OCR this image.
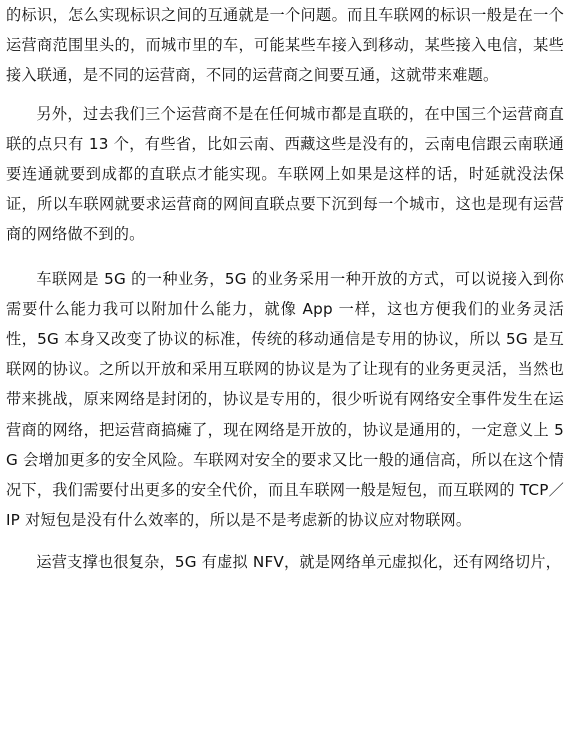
的标识，怎么实现标识之间的互通就是一个问题。而且车联网的标识一般是在一个运营商范围里头的，而城市里的车，可能某些车接入到移动，某些接入电信，某些接入联通，是不同的运营商，不同的运营商之间要互通，这就带来难题。

另外，过去我们三个运营商不是在任何城市都是直联的，在中国三个运营商直联的点只有 13 个，有些省，比如云南、西藏这些是没有的，云南电信跟云南联通要连通就要到成都的直联点才能实现。车联网上如果是这样的话，时延就没法保证，所以车联网就要求运营商的网间直联点要下沉到每一个城市，这也是现有运营商的网络做不到的。

车联网是 5G 的一种业务，5G 的业务采用一种开放的方式，可以说接入到你需要什么能力我可以附加什么能力，就像 App 一样，这也方便我们的业务灵活性，5G 本身又改变了协议的标准，传统的移动通信是专用的协议，所以 5G 是互联网的协议。之所以开放和采用互联网的协议是为了让现有的业务更灵活，当然也带来挑战，原来网络是封闭的，协议是专用的，很少听说有网络安全事件发生在运营商的网络，把运营商搞瘫了，现在网络是开放的，协议是通用的，一定意义上 5G 会增加更多的安全风险。车联网对安全的要求又比一般的通信高，所以在这个情况下，我们需要付出更多的安全代价，而且车联网一般是短包，而互联网的 TCP／IP 对短包是没有什么效率的，所以是不是考虑新的协议应对物联网。

运营支撑也很复杂，5G 有虚拟 NFV，就是网络单元虚拟化，还有网络切片，
